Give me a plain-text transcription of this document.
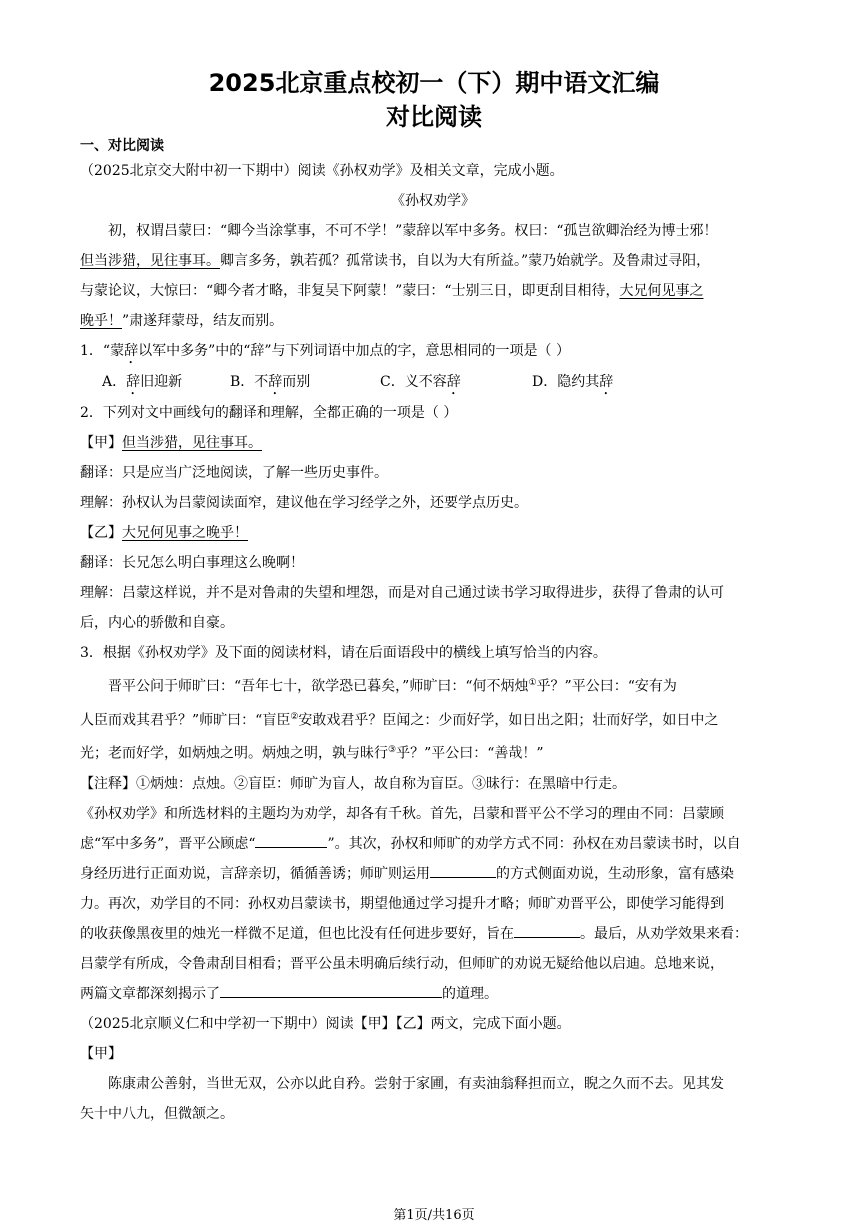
2025北京重点校初一（下）期中语文汇编
对比阅读
一、对比阅读
（2025北京交大附中初一下期中）阅读《孙权劝学》及相关文章，完成小题。
《孙权劝学》
初，权谓吕蒙曰：“卿今当涂掌事，不可不学！”蒙辞以军中多务。权曰：“孤岂欲卿治经为博士邪！
但当涉猎，见往事耳。卿言多务，孰若孤？孤常读书，自以为大有所益。”蒙乃始就学。及鲁肃过寻阳，
与蒙论议，大惊曰：“卿今者才略，非复吴下阿蒙！”蒙曰：“士别三日，即更刮目相待，大兄何见事之
晚乎！”肃遂拜蒙母，结友而别。
1．“蒙辞以军中多务”中的“辞”与下列词语中加点的字，意思相同的一项是（ ）
A．辞旧迎新	B．不辞而别	C．义不容辞	D．隐约其辞
2．下列对文中画线句的翻译和理解，全都正确的一项是（ ）
【甲】但当涉猎，见往事耳。
翻译：只是应当广泛地阅读，了解一些历史事件。
理解：孙权认为吕蒙阅读面窄，建议他在学习经学之外，还要学点历史。
【乙】大兄何见事之晚乎！
翻译：长兄怎么明白事理这么晚啊！
理解：吕蒙这样说，并不是对鲁肃的失望和埋怨，而是对自己通过读书学习取得进步，获得了鲁肃的认可
后，内心的骄傲和自豪。
3．根据《孙权劝学》及下面的阅读材料，请在后面语段中的横线上填写恰当的内容。
晋平公问于师旷曰：“吾年七十，欲学恐已暮矣，”师旷曰：“何不炳烛①乎？”平公曰：“安有为
人臣而戏其君乎？”师旷曰：“盲臣②安敢戏君乎？臣闻之：少而好学，如日出之阳；壮而好学，如日中之
光；老而好学，如炳烛之明。炳烛之明，孰与昧行③乎？”平公曰：“善哉！”
【注释】①炳烛：点烛。②盲臣：师旷为盲人，故自称为盲臣。③昧行：在黑暗中行走。
《孙权劝学》和所选材料的主题均为劝学，却各有千秋。首先，吕蒙和晋平公不学习的理由不同：吕蒙顾
虑“军中多务”，晋平公顾虑“	”。其次，孙权和师旷的劝学方式不同：孙权在劝吕蒙读书时，以自
身经历进行正面劝说，言辞亲切，循循善诱；师旷则运用	的方式侧面劝说，生动形象，富有感染
力。再次，劝学目的不同：孙权劝吕蒙读书，期望他通过学习提升才略；师旷劝晋平公，即使学习能得到
的收获像黑夜里的烛光一样微不足道，但也比没有任何进步要好，旨在	。最后，从劝学效果来看：
吕蒙学有所成，令鲁肃刮目相看；晋平公虽未明确后续行动，但师旷的劝说无疑给他以启迪。总地来说，
两篇文章都深刻揭示了	的道理。
（2025北京顺义仁和中学初一下期中）阅读【甲】【乙】两文，完成下面小题。
【甲】
陈康肃公善射，当世无双，公亦以此自矜。尝射于家圃，有卖油翁释担而立，睨之久而不去。见其发
矢十中八九，但微颔之。
第1页/共16页
